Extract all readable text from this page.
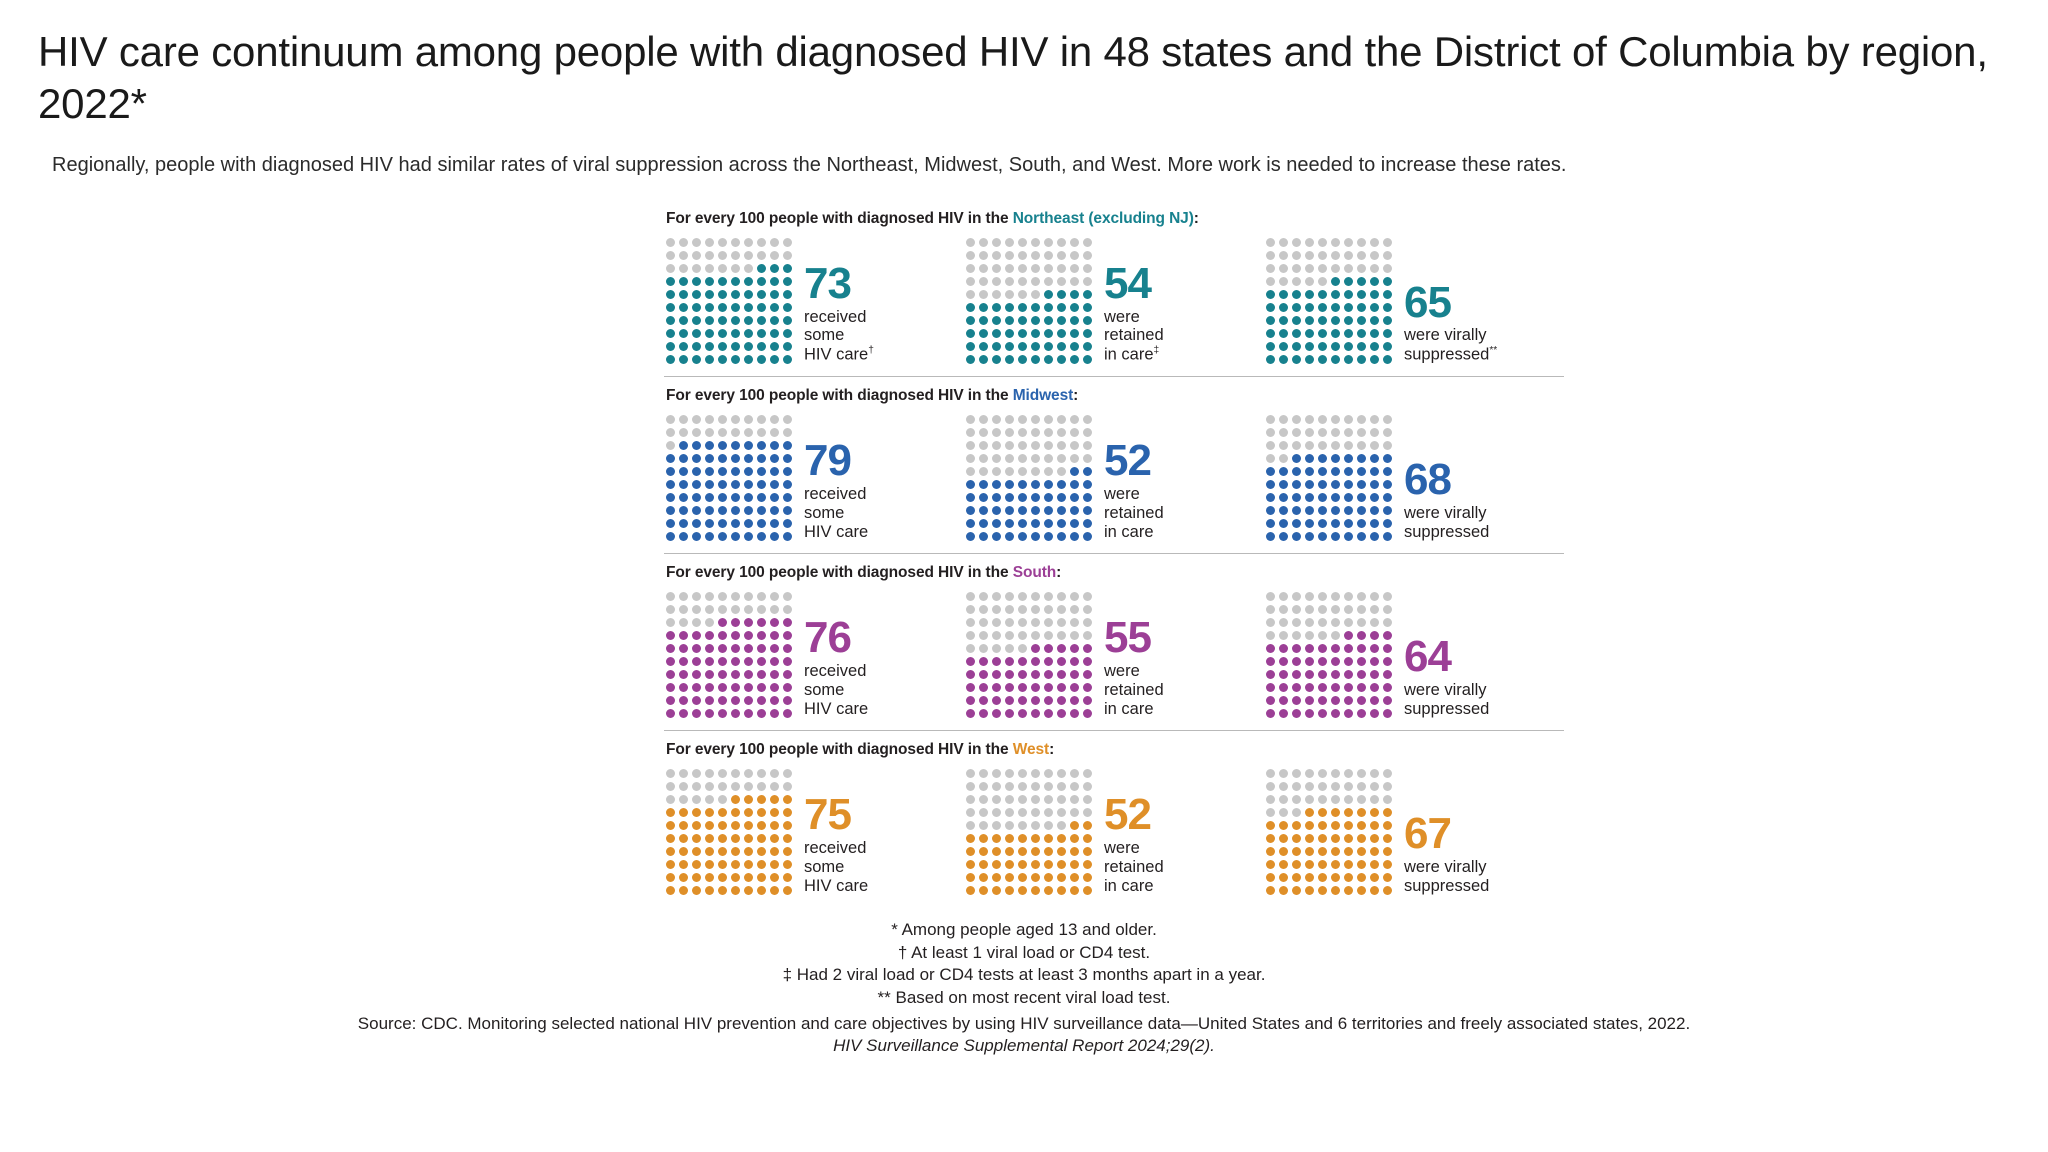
HIV care continuum among people with diagnosed HIV in 48 states and the District of Columbia by region, 2022*
Regionally, people with diagnosed HIV had similar rates of viral suppression across the Northeast, Midwest, South, and West. More work is needed to increase these rates.
For every 100 people with diagnosed HIV in the Northeast (excluding NJ):
73
received
some
HIV care†
54
were
retained
in care‡
65
were virally
suppressed**
For every 100 people with diagnosed HIV in the Midwest:
79
received
some
HIV care
52
were
retained
in care
68
were virally
suppressed
For every 100 people with diagnosed HIV in the South:
76
received
some
HIV care
55
were
retained
in care
64
were virally
suppressed
For every 100 people with diagnosed HIV in the West:
75
received
some
HIV care
52
were
retained
in care
67
were virally
suppressed
* Among people aged 13 and older.
† At least 1 viral load or CD4 test.
‡ Had 2 viral load or CD4 tests at least 3 months apart in a year.
** Based on most recent viral load test.
Source: CDC. Monitoring selected national HIV prevention and care objectives by using HIV surveillance data—United States and 6 territories and freely associated states, 2022.
HIV Surveillance Supplemental Report 2024;29(2).
